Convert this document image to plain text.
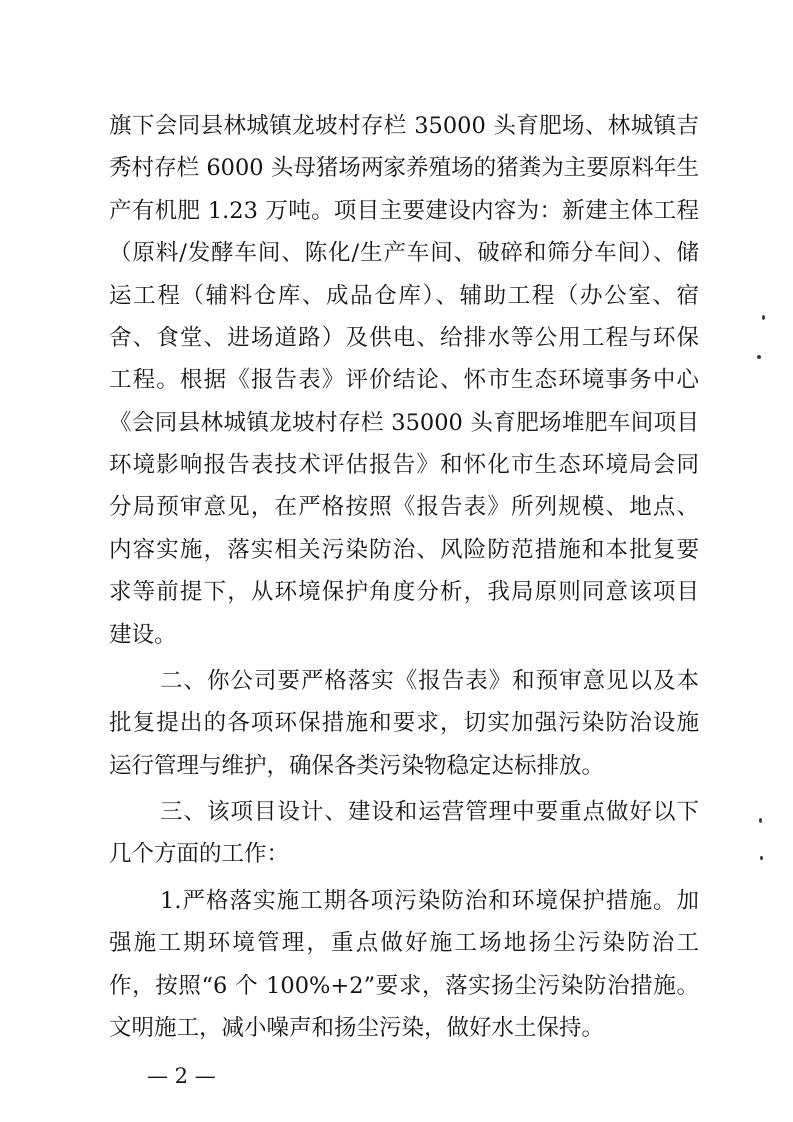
旗下会同县林城镇龙坡村存栏 35000 头育肥场、林城镇吉
秀村存栏 6000 头母猪场两家养殖场的猪粪为主要原料年生
产有机肥 1.23 万吨。项目主要建设内容为：新建主体工程
（原料/发酵车间、陈化/生产车间、破碎和筛分车间）、储
运工程（辅料仓库、成品仓库）、辅助工程（办公室、宿
舍、食堂、进场道路）及供电、给排水等公用工程与环保
工程。根据《报告表》评价结论、怀市生态环境事务中心
《会同县林城镇龙坡村存栏 35000 头育肥场堆肥车间项目
环境影响报告表技术评估报告》和怀化市生态环境局会同
分局预审意见，在严格按照《报告表》所列规模、地点、
内容实施，落实相关污染防治、风险防范措施和本批复要
求等前提下，从环境保护角度分析，我局原则同意该项目
建设。
二、你公司要严格落实《报告表》和预审意见以及本
批复提出的各项环保措施和要求，切实加强污染防治设施
运行管理与维护，确保各类污染物稳定达标排放。
三、该项目设计、建设和运营管理中要重点做好以下
几个方面的工作：
1.严格落实施工期各项污染防治和环境保护措施。加
强施工期环境管理，重点做好施工场地扬尘污染防治工
作，按照“6 个 100%+2”要求，落实扬尘污染防治措施。
文明施工，减小噪声和扬尘污染，做好水土保持。
— 2 —
